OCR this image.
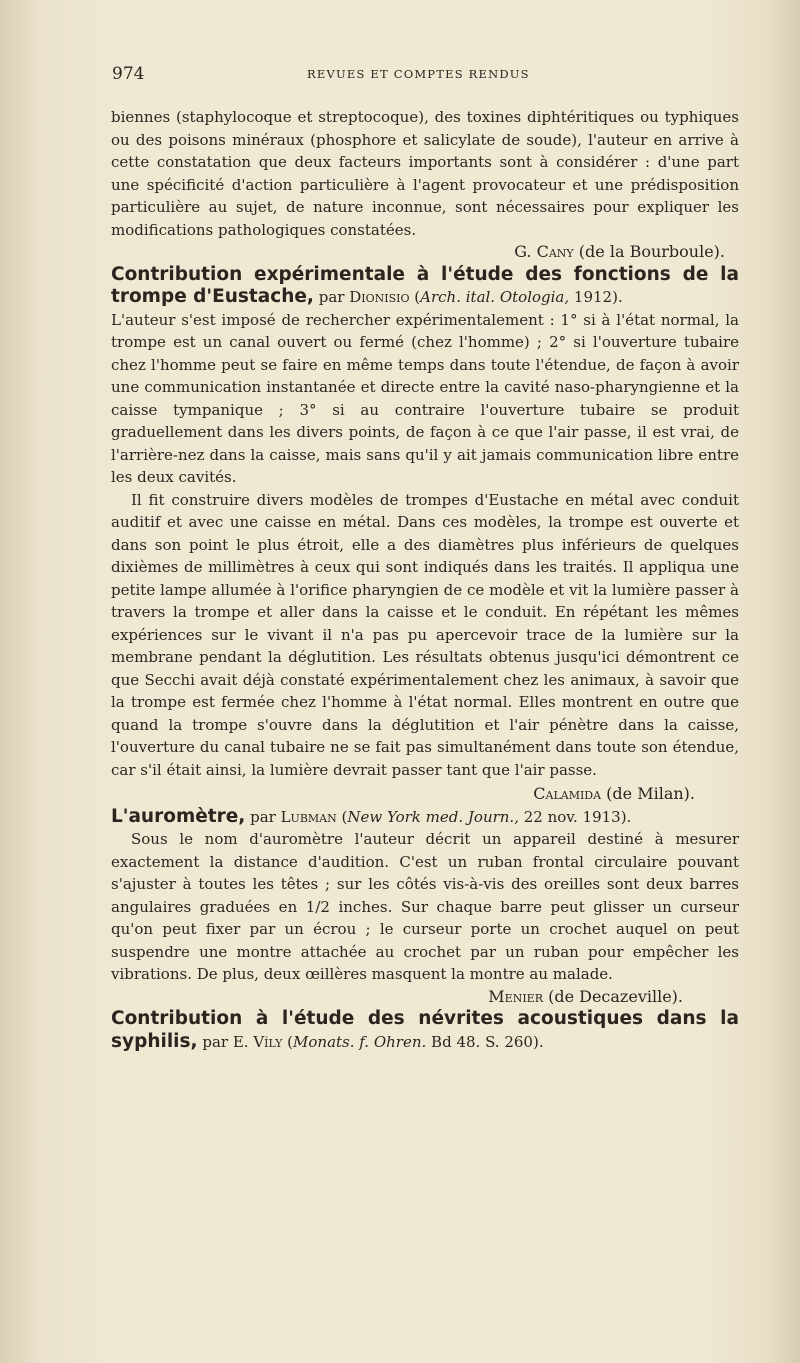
974	REVUES ET COMPTES RENDUS

biennes (staphylocoque et streptocoque), des toxines diphtéritiques ou typhiques ou des poisons minéraux (phosphore et salicylate de soude), l'auteur en arrive à cette constatation que deux facteurs importants sont à considérer : d'une part une spécificité d'action particulière à l'agent provocateur et une prédisposition particulière au sujet, de nature inconnue, sont nécessaires pour expliquer les modifications pathologiques constatées.

G. Cany (de la Bourboule).

Contribution expérimentale à l'étude des fonctions de la trompe d'Eustache, par Dionisio (Arch. ital. Otologia, 1912).

L'auteur s'est imposé de rechercher expérimentalement : 1° si à l'état normal, la trompe est un canal ouvert ou fermé (chez l'homme) ; 2° si l'ouverture tubaire chez l'homme peut se faire en même temps dans toute l'étendue, de façon à avoir une communication instantanée et directe entre la cavité naso-pharyngienne et la caisse tympanique ; 3° si au contraire l'ouverture tubaire se produit graduellement dans les divers points, de façon à ce que l'air passe, il est vrai, de l'arrière-nez dans la caisse, mais sans qu'il y ait jamais communication libre entre les deux cavités.

Il fit construire divers modèles de trompes d'Eustache en métal avec conduit auditif et avec une caisse en métal. Dans ces modèles, la trompe est ouverte et dans son point le plus étroit, elle a des diamètres plus inférieurs de quelques dixièmes de millimètres à ceux qui sont indiqués dans les traités. Il appliqua une petite lampe allumée à l'orifice pharyngien de ce modèle et vit la lumière passer à travers la trompe et aller dans la caisse et le conduit. En répétant les mêmes expériences sur le vivant il n'a pas pu apercevoir trace de la lumière sur la membrane pendant la déglutition. Les résultats obtenus jusqu'ici démontrent ce que Secchi avait déjà constaté expérimentalement chez les animaux, à savoir que la trompe est fermée chez l'homme à l'état normal. Elles montrent en outre que quand la trompe s'ouvre dans la déglutition et l'air pénètre dans la caisse, l'ouverture du canal tubaire ne se fait pas simultanément dans toute son étendue, car s'il était ainsi, la lumière devrait passer tant que l'air passe.

Calamida (de Milan).

L'auromètre, par Lubman (New York med. Journ., 22 nov. 1913).

Sous le nom d'auromètre l'auteur décrit un appareil destiné à mesurer exactement la distance d'audition. C'est un ruban frontal circulaire pouvant s'ajuster à toutes les têtes ; sur les côtés vis-à-vis des oreilles sont deux barres angulaires graduées en 1/2 inches. Sur chaque barre peut glisser un curseur qu'on peut fixer par un écrou ; le curseur porte un crochet auquel on peut suspendre une montre attachée au crochet par un ruban pour empêcher les vibrations. De plus, deux œillères masquent la montre au malade.

Menier (de Decazeville).

Contribution à l'étude des névrites acoustiques dans la syphilis, par E. Víly (Monats. f. Ohren. Bd 48. S. 260).
